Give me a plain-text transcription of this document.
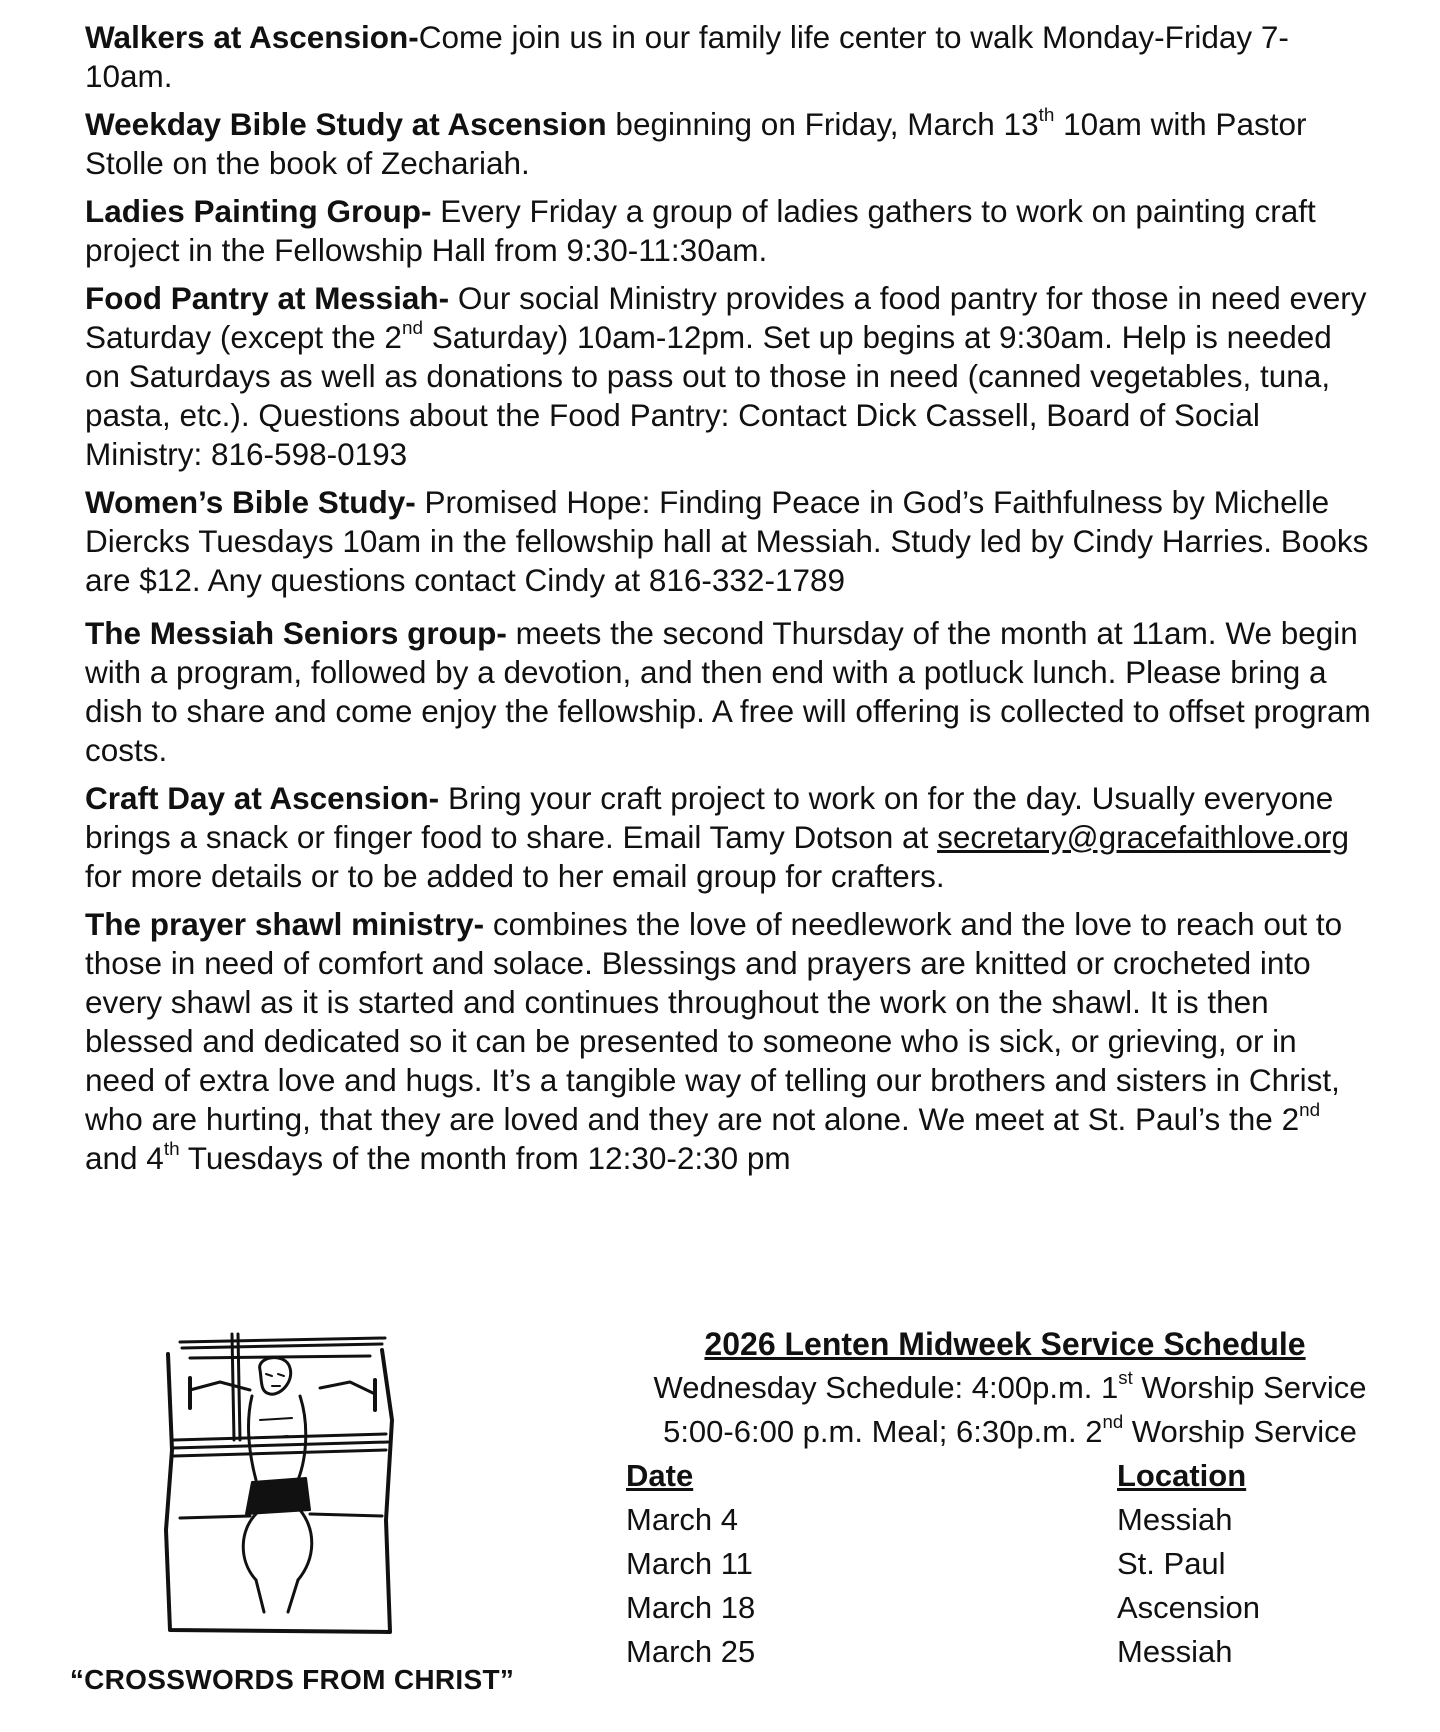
Walkers at Ascension-Come join us in our family life center to walk Monday-Friday 7-10am.

Weekday Bible Study at Ascension beginning on Friday, March 13th 10am with Pastor Stolle on the book of Zechariah.

Ladies Painting Group- Every Friday a group of ladies gathers to work on painting craft project in the Fellowship Hall from 9:30-11:30am.

Food Pantry at Messiah- Our social Ministry provides a food pantry for those in need every Saturday (except the 2nd Saturday) 10am-12pm. Set up begins at 9:30am. Help is needed on Saturdays as well as donations to pass out to those in need (canned vegetables, tuna, pasta, etc.). Questions about the Food Pantry: Contact Dick Cassell, Board of Social Ministry: 816-598-0193

Women’s Bible Study- Promised Hope: Finding Peace in God’s Faithfulness by Michelle Diercks Tuesdays 10am in the fellowship hall at Messiah. Study led by Cindy Harries. Books are $12. Any questions contact Cindy at 816-332-1789

The Messiah Seniors group- meets the second Thursday of the month at 11am. We begin with a program, followed by a devotion, and then end with a potluck lunch. Please bring a dish to share and come enjoy the fellowship. A free will offering is collected to offset program costs.

Craft Day at Ascension- Bring your craft project to work on for the day. Usually everyone brings a snack or finger food to share. Email Tamy Dotson at secretary@gracefaithlove.org for more details or to be added to her email group for crafters.

The prayer shawl ministry- combines the love of needlework and the love to reach out to those in need of comfort and solace. Blessings and prayers are knitted or crocheted into every shawl as it is started and continues throughout the work on the shawl. It is then blessed and dedicated so it can be presented to someone who is sick, or grieving, or in need of extra love and hugs. It’s a tangible way of telling our brothers and sisters in Christ, who are hurting, that they are loved and they are not alone. We meet at St. Paul’s the 2nd and 4th Tuesdays of the month from 12:30-2:30 pm

“CROSSWORDS FROM CHRIST”
2026 Lenten Midweek Service Schedule
Wednesday Schedule: 4:00p.m. 1st Worship Service
5:00-6:00 p.m. Meal; 6:30p.m. 2nd Worship Service
Date	Location
March 4	Messiah
March 11	St. Paul
March 18	Ascension
March 25	Messiah
